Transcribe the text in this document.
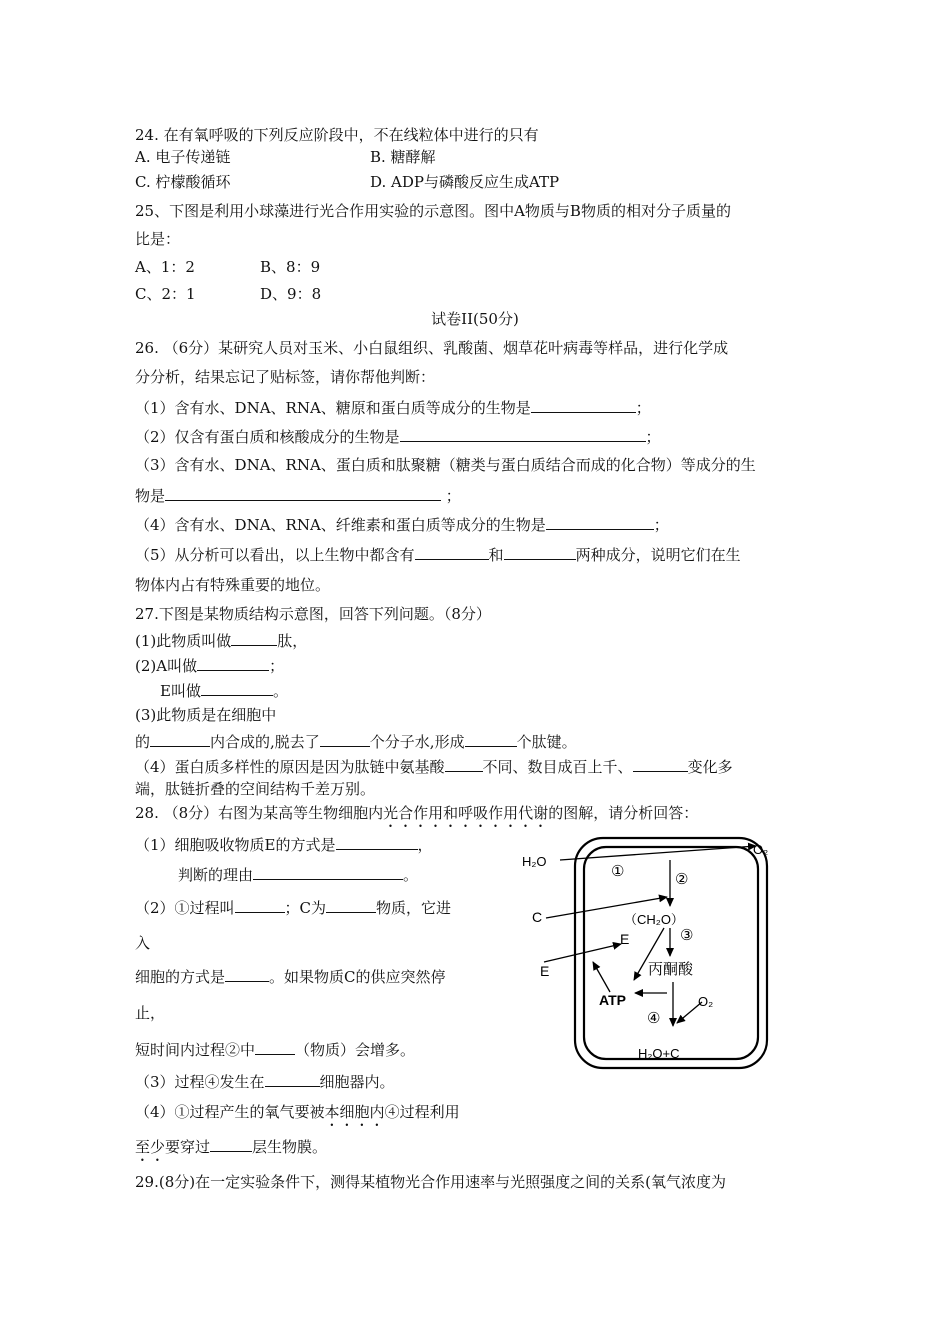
24. 在有氧呼吸的下列反应阶段中，不在线粒体中进行的只有
A. 电子传递链	B. 糖酵解
C. 柠檬酸循环	D. ADP与磷酸反应生成ATP
25、下图是利用小球藻进行光合作用实验的示意图。图中A物质与B物质的相对分子质量的
比是：
A、1：2	B、8：9
C、2：1	D、9：8
试卷II(50分)
26. （6分）某研究人员对玉米、小白鼠组织、乳酸菌、烟草花叶病毒等样品，进行化学成
分分析，结果忘记了贴标签，请你帮他判断：
（1）含有水、DNA、RNA、糖原和蛋白质等成分的生物是	；
（2）仅含有蛋白质和核酸成分的生物是	；
（3）含有水、DNA、RNA、蛋白质和肽聚糖（糖类与蛋白质结合而成的化合物）等成分的生
物是	；
（4）含有水、DNA、RNA、纤维素和蛋白质等成分的生物是	；
（5）从分析可以看出，以上生物中都含有	和	两种成分，说明它们在生
物体内占有特殊重要的地位。
27.下图是某物质结构示意图，回答下列问题。（8分）
(1)此物质叫做	肽，
(2)A叫做	；
E叫做	。
(3)此物质是在细胞中
的	内合成的,脱去了	个分子水,形成	个肽键。
（4）蛋白质多样性的原因是因为肽链中氨基酸	不同、数目成百上千、	变化多
端，肽链折叠的空间结构千差万别。
28. （8分）右图为某高等生物细胞内光合作用和呼吸作用代谢的图解，请分析回答：
（1）细胞吸收物质E的方式是	，
判断的理由	。
（2）①过程叫	；C为	物质，它进
入
细胞的方式是	。如果物质C的供应突然停
止，
短时间内过程②中	（物质）会增多。
（3）过程④发生在	细胞器内。
（4）①过程产生的氧气要被本细胞内④过程利用
至少要穿过	层生物膜。
H₂O
O₂
C	（CH₂O）
E
E	丙酮酸
ATP	O₂
H₂O+C
①	②
③
④
29.(8分)在一定实验条件下，测得某植物光合作用速率与光照强度之间的关系(氧气浓度为
